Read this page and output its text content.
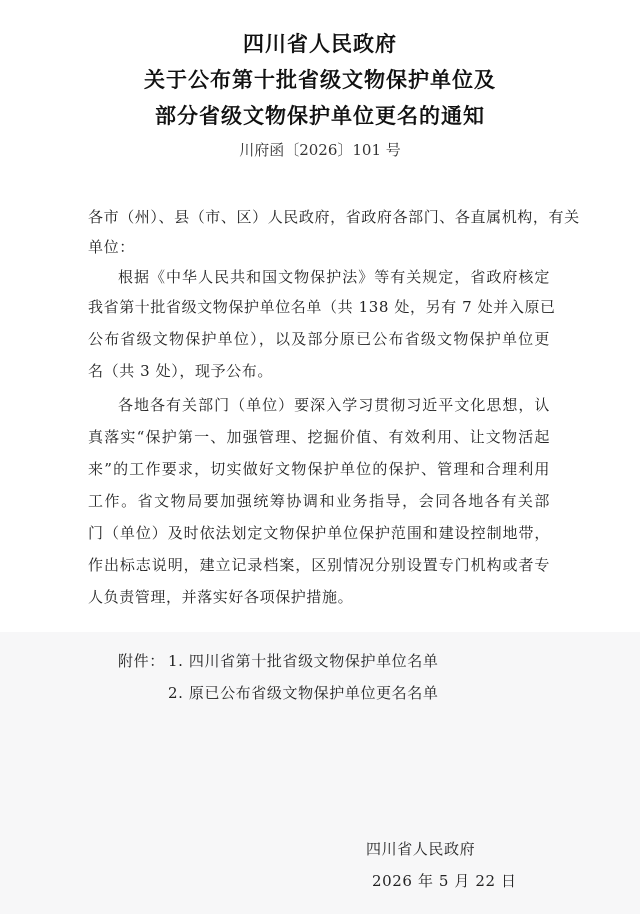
四川省人民政府
关于公布第十批省级文物保护单位及
部分省级文物保护单位更名的通知
川府函〔2026〕101 号
各市（州）、县（市、区）人民政府，省政府各部门、各直属机构，有关
单位：
根据《中华人民共和国文物保护法》等有关规定，省政府核定
我省第十批省级文物保护单位名单（共 138 处，另有 7 处并入原已
公布省级文物保护单位），以及部分原已公布省级文物保护单位更
名（共 3 处），现予公布。
各地各有关部门（单位）要深入学习贯彻习近平文化思想，认
真落实“保护第一、加强管理、挖掘价值、有效利用、让文物活起
来”的工作要求，切实做好文物保护单位的保护、管理和合理利用
工作。省文物局要加强统筹协调和业务指导，会同各地各有关部
门（单位）及时依法划定文物保护单位保护范围和建设控制地带，
作出标志说明，建立记录档案，区别情况分别设置专门机构或者专
人负责管理，并落实好各项保护措施。
附件： 1. 四川省第十批省级文物保护单位名单
2. 原已公布省级文物保护单位更名名单
四川省人民政府
2026 年 5 月 22 日
